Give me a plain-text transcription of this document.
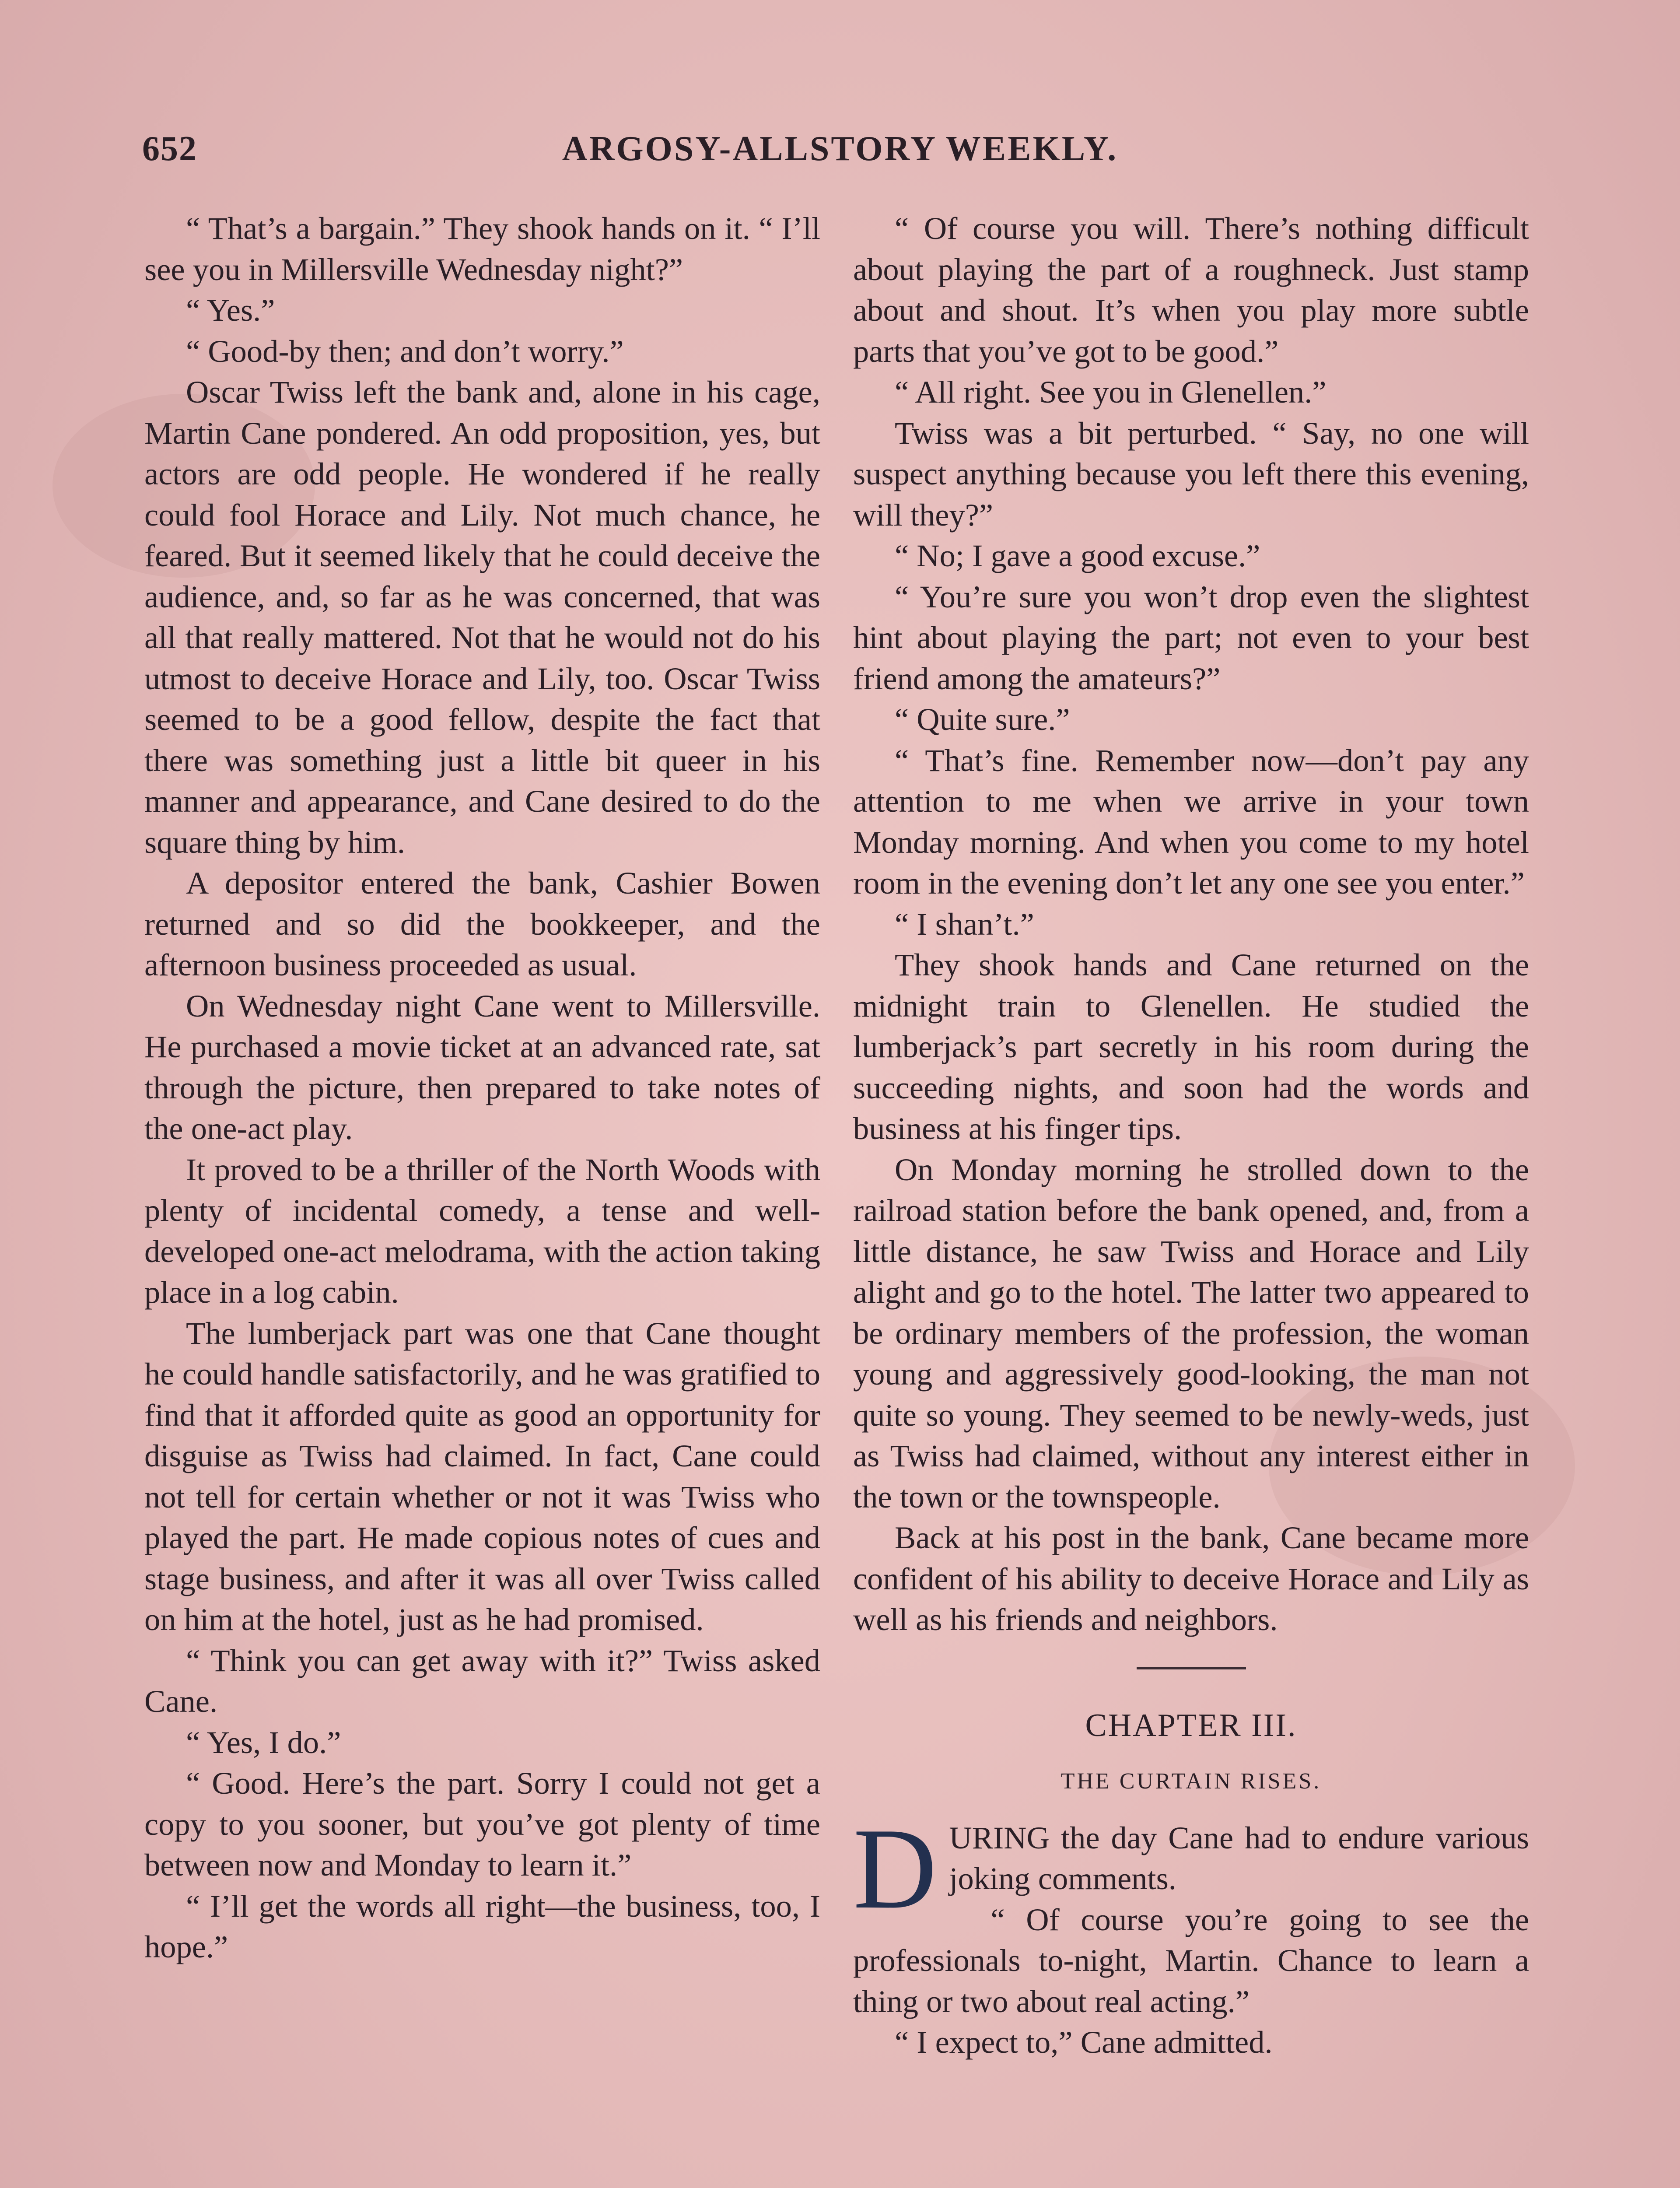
652	ARGOSY-ALLSTORY WEEKLY.

“ That’s a bargain.” They shook hands on it. “ I’ll see you in Millersville Wednesday night?”

“ Yes.”

“ Good-by then; and don’t worry.”

Oscar Twiss left the bank and, alone in his cage, Martin Cane pondered. An odd proposition, yes, but actors are odd people. He wondered if he really could fool Horace and Lily. Not much chance, he feared. But it seemed likely that he could deceive the audience, and, so far as he was concerned, that was all that really mattered. Not that he would not do his utmost to deceive Horace and Lily, too. Oscar Twiss seemed to be a good fellow, despite the fact that there was something just a little bit queer in his manner and appearance, and Cane desired to do the square thing by him.

A depositor entered the bank, Cashier Bowen returned and so did the bookkeeper, and the afternoon business proceeded as usual.

On Wednesday night Cane went to Millersville. He purchased a movie ticket at an advanced rate, sat through the picture, then prepared to take notes of the one-act play.

It proved to be a thriller of the North Woods with plenty of incidental comedy, a tense and well-developed one-act melodrama, with the action taking place in a log cabin.

The lumberjack part was one that Cane thought he could handle satisfactorily, and he was gratified to find that it afforded quite as good an opportunity for disguise as Twiss had claimed. In fact, Cane could not tell for certain whether or not it was Twiss who played the part. He made copious notes of cues and stage business, and after it was all over Twiss called on him at the hotel, just as he had promised.

“ Think you can get away with it?” Twiss asked Cane.

“ Yes, I do.”

“ Good. Here’s the part. Sorry I could not get a copy to you sooner, but you’ve got plenty of time between now and Monday to learn it.”

“ I’ll get the words all right—the business, too, I hope.”

“ Of course you will. There’s nothing difficult about playing the part of a roughneck. Just stamp about and shout. It’s when you play more subtle parts that you’ve got to be good.”

“ All right. See you in Glenellen.”

Twiss was a bit perturbed. “ Say, no one will suspect anything because you left there this evening, will they?”

“ No; I gave a good excuse.”

“ You’re sure you won’t drop even the slightest hint about playing the part; not even to your best friend among the amateurs?”

“ Quite sure.”

“ That’s fine. Remember now—don’t pay any attention to me when we arrive in your town Monday morning. And when you come to my hotel room in the evening don’t let any one see you enter.”

“ I shan’t.”

They shook hands and Cane returned on the midnight train to Glenellen. He studied the lumberjack’s part secretly in his room during the succeeding nights, and soon had the words and business at his finger tips.

On Monday morning he strolled down to the railroad station before the bank opened, and, from a little distance, he saw Twiss and Horace and Lily alight and go to the hotel. The latter two appeared to be ordinary members of the profession, the woman young and aggressively good-looking, the man not quite so young. They seemed to be newly-weds, just as Twiss had claimed, without any interest either in the town or the townspeople.

Back at his post in the bank, Cane became more confident of his ability to deceive Horace and Lily as well as his friends and neighbors.

CHAPTER III.
THE CURTAIN RISES.

DURING the day Cane had to endure various joking comments.

“ Of course you’re going to see the professionals to-night, Martin. Chance to learn a thing or two about real acting.”

“ I expect to,” Cane admitted.
